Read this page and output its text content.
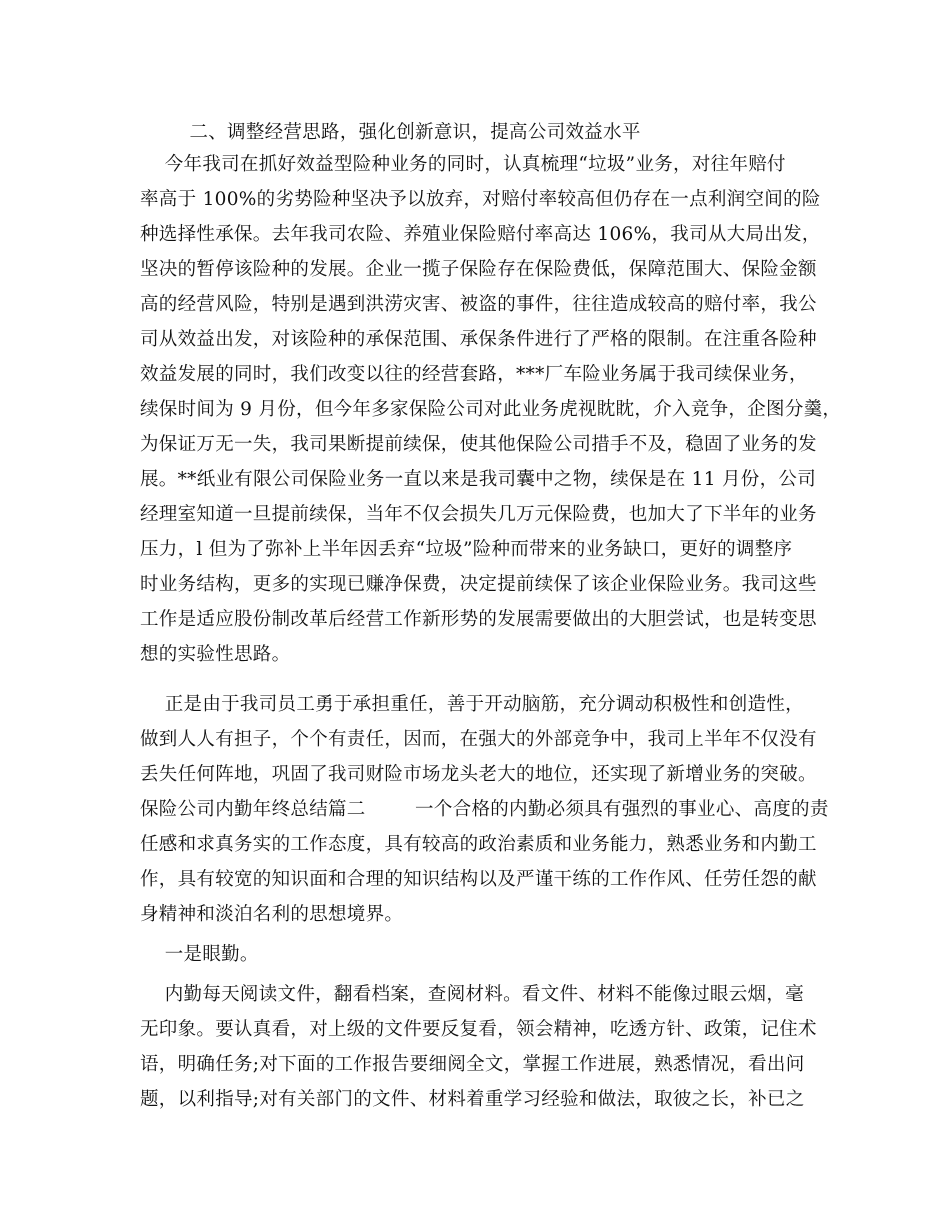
二、调整经营思路，强化创新意识，提高公司效益水平
今年我司在抓好效益型险种业务的同时，认真梳理“垃圾”业务，对往年赔付
率高于 100%的劣势险种坚决予以放弃，对赔付率较高但仍存在一点利润空间的险
种选择性承保。去年我司农险、养殖业保险赔付率高达 106%，我司从大局出发，
坚决的暂停该险种的发展。企业一揽子保险存在保险费低，保障范围大、保险金额
高的经营风险，特别是遇到洪涝灾害、被盗的事件，往往造成较高的赔付率，我公
司从效益出发，对该险种的承保范围、承保条件进行了严格的限制。在注重各险种
效益发展的同时，我们改变以往的经营套路，***厂车险业务属于我司续保业务，
续保时间为 9 月份，但今年多家保险公司对此业务虎视眈眈，介入竞争，企图分羹，
为保证万无一失，我司果断提前续保，使其他保险公司措手不及，稳固了业务的发
展。**纸业有限公司保险业务一直以来是我司囊中之物，续保是在 11 月份，公司
经理室知道一旦提前续保，当年不仅会损失几万元保险费，也加大了下半年的业务
压力，l 但为了弥补上半年因丢弃“垃圾”险种而带来的业务缺口，更好的调整序
时业务结构，更多的实现已赚净保费，决定提前续保了该企业保险业务。我司这些
工作是适应股份制改革后经营工作新形势的发展需要做出的大胆尝试，也是转变思
想的实验性思路。
正是由于我司员工勇于承担重任，善于开动脑筋，充分调动积极性和创造性，
做到人人有担子，个个有责任，因而，在强大的外部竞争中，我司上半年不仅没有
丢失任何阵地，巩固了我司财险市场龙头老大的地位，还实现了新增业务的突破。
保险公司内勤年终总结篇二        一个合格的内勤必须具有强烈的事业心、高度的责
任感和求真务实的工作态度，具有较高的政治素质和业务能力，熟悉业务和内勤工
作，具有较宽的知识面和合理的知识结构以及严谨干练的工作作风、任劳任怨的献
身精神和淡泊名利的思想境界。
一是眼勤。
内勤每天阅读文件，翻看档案，查阅材料。看文件、材料不能像过眼云烟，毫
无印象。要认真看，对上级的文件要反复看，领会精神，吃透方针、政策，记住术
语，明确任务;对下面的工作报告要细阅全文，掌握工作进展，熟悉情况，看出问
题，以利指导;对有关部门的文件、材料着重学习经验和做法，取彼之长，补已之
